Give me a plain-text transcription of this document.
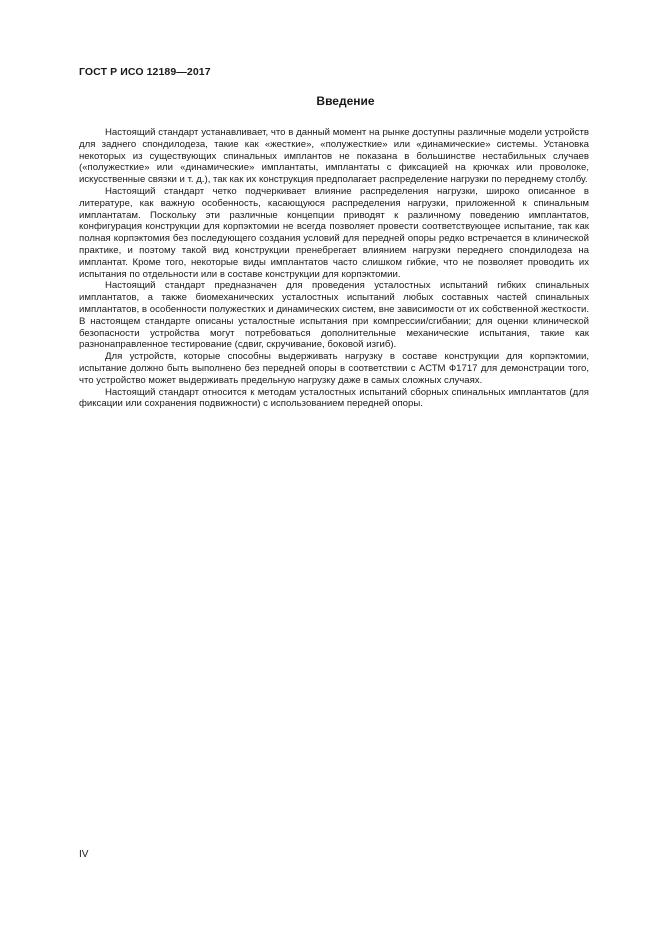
ГОСТ Р ИСО 12189—2017
Введение

Настоящий стандарт устанавливает, что в данный момент на рынке доступны различные модели устройств для заднего спондилодеза, такие как «жесткие», «полужесткие» или «динамические» системы. Установка некоторых из существующих спинальных имплантов не показана в большинстве нестабильных случаев («полужесткие» или «динамические» имплантаты, имплантаты с фиксацией на крючках или проволоке, искусственные связки и т. д.), так как их конструкция предполагает распределение нагрузки по переднему столбу.

Настоящий стандарт четко подчеркивает влияние распределения нагрузки, широко описанное в литературе, как важную особенность, касающуюся распределения нагрузки, приложенной к спинальным имплантатам. Поскольку эти различные концепции приводят к различному поведению имплантатов, конфигурация конструкции для корпэктомии не всегда позволяет провести соответствующее испытание, так как полная корпэктомия без последующего создания условий для передней опоры редко встречается в клинической практике, и поэтому такой вид конструкции пренебрегает влиянием нагрузки переднего спондилодеза на имплантат. Кроме того, некоторые виды имплантатов часто слишком гибкие, что не позволяет проводить их испытания по отдельности или в составе конструкции для корпэктомии.

Настоящий стандарт предназначен для проведения усталостных испытаний гибких спинальных имплантатов, а также биомеханических усталостных испытаний любых составных частей спинальных имплантатов, в особенности полужестких и динамических систем, вне зависимости от их собственной жесткости. В настоящем стандарте описаны усталостные испытания при компрессии/сгибании; для оценки клинической безопасности устройства могут потребоваться дополнительные механические испытания, такие как разнонаправленное тестирование (сдвиг, скручивание, боковой изгиб).

Для устройств, которые способны выдерживать нагрузку в составе конструкции для корпэктомии, испытание должно быть выполнено без передней опоры в соответствии с АСТМ Ф1717 для демонстрации того, что устройство может выдерживать предельную нагрузку даже в самых сложных случаях.

Настоящий стандарт относится к методам усталостных испытаний сборных спинальных имплантатов (для фиксации или сохранения подвижности) с использованием передней опоры.

IV
